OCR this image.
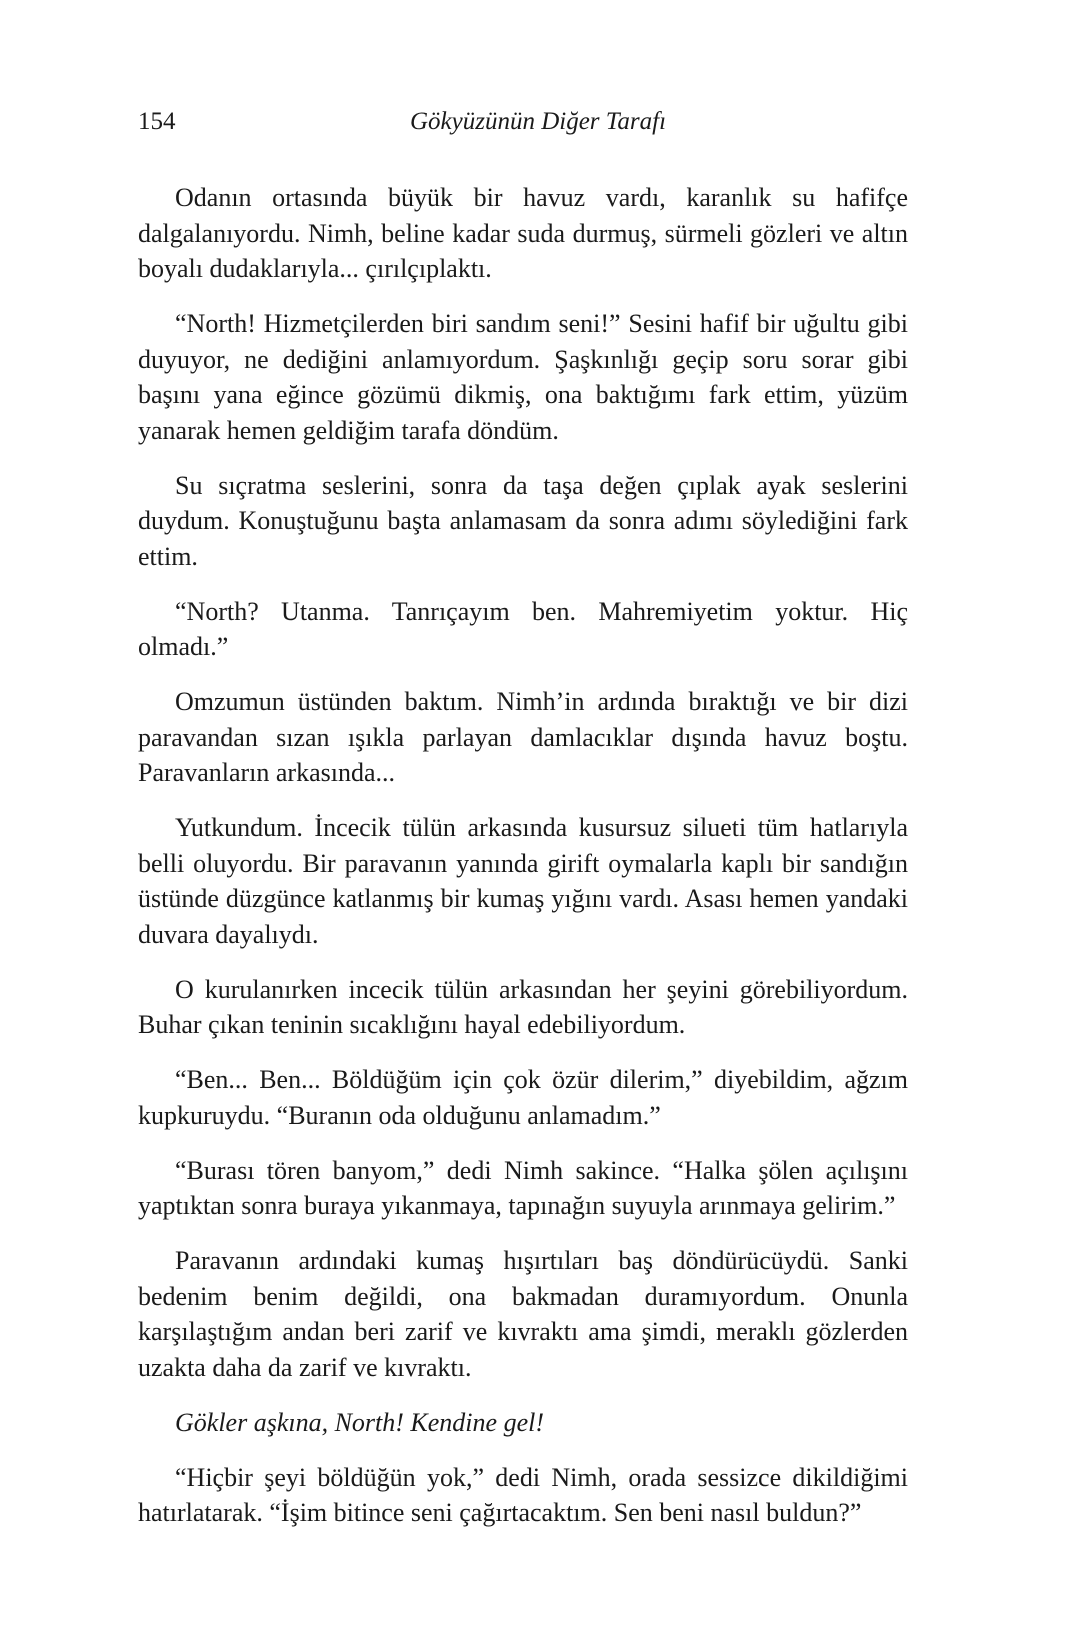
154	Gökyüzünün Diğer Tarafı

Odanın ortasında büyük bir havuz vardı, karanlık su hafifçe dalgalanıyordu. Nimh, beline kadar suda durmuş, sürmeli gözleri ve altın boyalı dudaklarıyla... çırılçıplaktı.

“North! Hizmetçilerden biri sandım seni!” Sesini hafif bir uğultu gibi duyuyor, ne dediğini anlamıyordum. Şaşkınlığı geçip soru sorar gibi başını yana eğince gözümü dikmiş, ona baktığımı fark ettim, yüzüm yanarak hemen geldiğim tarafa döndüm.

Su sıçratma seslerini, sonra da taşa değen çıplak ayak seslerini duydum. Konuştuğunu başta anlamasam da sonra adımı söylediğini fark ettim.

“North? Utanma. Tanrıçayım ben. Mahremiyetim yoktur. Hiç olmadı.”

Omzumun üstünden baktım. Nimh’in ardında bıraktığı ve bir dizi paravandan sızan ışıkla parlayan damlacıklar dışında havuz boştu. Paravanların arkasında...

Yutkundum. İncecik tülün arkasında kusursuz silueti tüm hatlarıyla belli oluyordu. Bir paravanın yanında girift oymalarla kaplı bir sandığın üstünde düzgünce katlanmış bir kumaş yığını vardı. Asası hemen yandaki duvara dayalıydı.

O kurulanırken incecik tülün arkasından her şeyini görebiliyordum. Buhar çıkan teninin sıcaklığını hayal edebiliyordum.

“Ben... Ben... Böldüğüm için çok özür dilerim,” diyebildim, ağzım kupkuruydu. “Buranın oda olduğunu anlamadım.”

“Burası tören banyom,” dedi Nimh sakince. “Halka şölen açılışını yaptıktan sonra buraya yıkanmaya, tapınağın suyuyla arınmaya gelirim.”

Paravanın ardındaki kumaş hışırtıları baş döndürücüydü. Sanki bedenim benim değildi, ona bakmadan duramıyordum. Onunla karşılaştığım andan beri zarif ve kıvraktı ama şimdi, meraklı gözlerden uzakta daha da zarif ve kıvraktı.

Gökler aşkına, North! Kendine gel!

“Hiçbir şeyi böldüğün yok,” dedi Nimh, orada sessizce dikildiğimi hatırlatarak. “İşim bitince seni çağırtacaktım. Sen beni nasıl buldun?”
